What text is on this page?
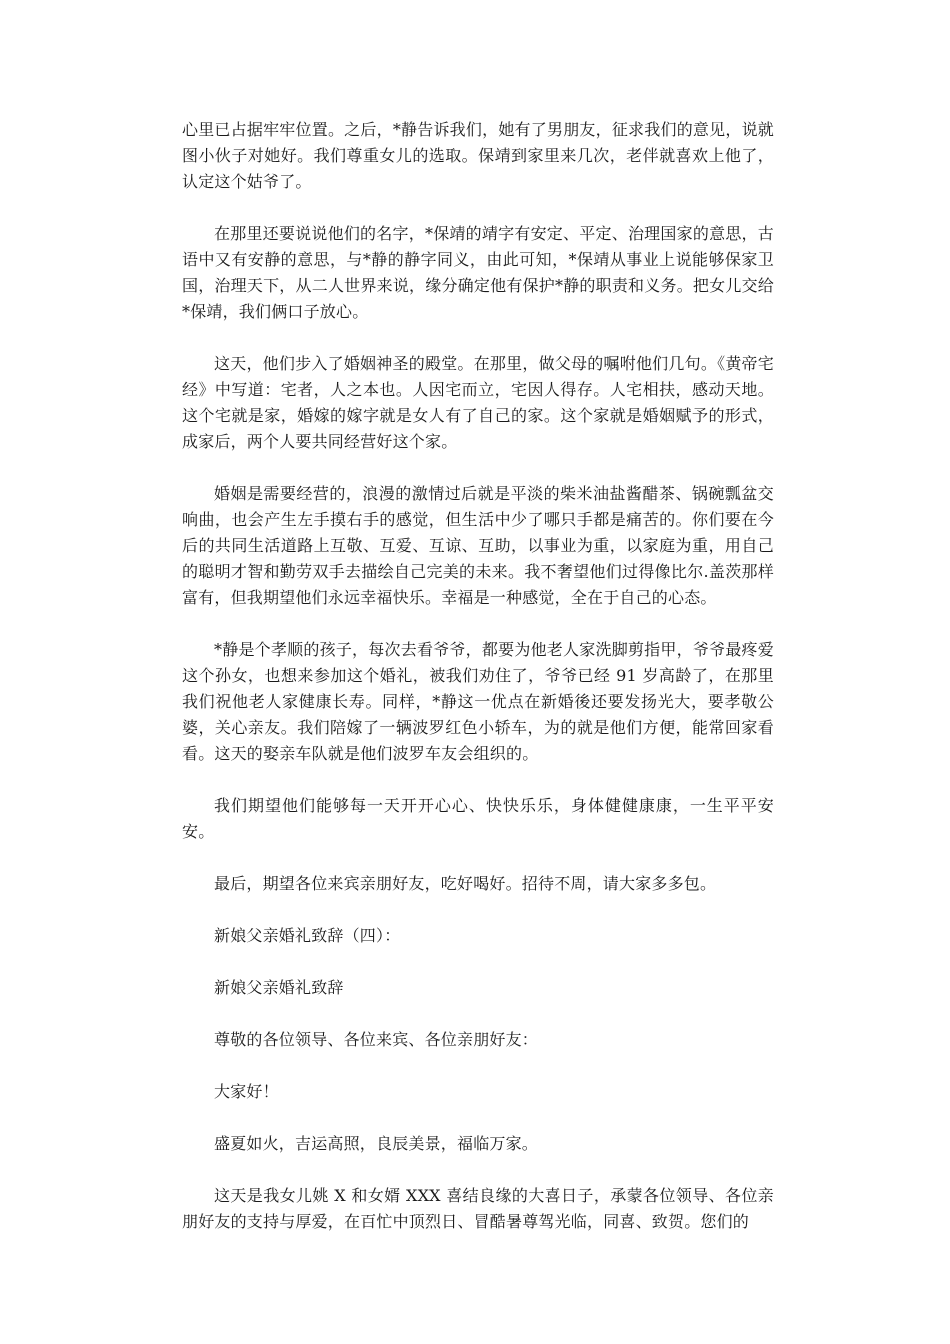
心里已占据牢牢位置。之后，*静告诉我们，她有了男朋友，征求我们的意见，说就图小伙子对她好。我们尊重女儿的选取。保靖到家里来几次，老伴就喜欢上他了，认定这个姑爷了。

在那里还要说说他们的名字，*保靖的靖字有安定、平定、治理国家的意思，古语中又有安静的意思，与*静的静字同义，由此可知，*保靖从事业上说能够保家卫国，治理天下，从二人世界来说，缘分确定他有保护*静的职责和义务。把女儿交给*保靖，我们俩口子放心。

这天，他们步入了婚姻神圣的殿堂。在那里，做父母的嘱咐他们几句。《黄帝宅经》中写道：宅者，人之本也。人因宅而立，宅因人得存。人宅相扶，感动天地。这个宅就是家，婚嫁的嫁字就是女人有了自己的家。这个家就是婚姻赋予的形式，成家后，两个人要共同经营好这个家。

婚姻是需要经营的，浪漫的激情过后就是平淡的柴米油盐酱醋茶、锅碗瓢盆交响曲，也会产生左手摸右手的感觉，但生活中少了哪只手都是痛苦的。你们要在今后的共同生活道路上互敬、互爱、互谅、互助，以事业为重，以家庭为重，用自己的聪明才智和勤劳双手去描绘自己完美的未来。我不奢望他们过得像比尔.盖茨那样富有，但我期望他们永远幸福快乐。幸福是一种感觉，全在于自己的心态。

*静是个孝顺的孩子，每次去看爷爷，都要为他老人家洗脚剪指甲，爷爷最疼爱这个孙女，也想来参加这个婚礼，被我们劝住了，爷爷已经 91 岁高龄了，在那里我们祝他老人家健康长寿。同样，*静这一优点在新婚後还要发扬光大，要孝敬公婆，关心亲友。我们陪嫁了一辆波罗红色小轿车，为的就是他们方便，能常回家看看。这天的娶亲车队就是他们波罗车友会组织的。

我们期望他们能够每一天开开心心、快快乐乐，身体健健康康，一生平平安安。

最后，期望各位来宾亲朋好友，吃好喝好。招待不周，请大家多多包。

新娘父亲婚礼致辞（四）：

新娘父亲婚礼致辞

尊敬的各位领导、各位来宾、各位亲朋好友：

大家好！

盛夏如火，吉运高照，良辰美景，福临万家。

这天是我女儿姚 X 和女婿 XXX 喜结良缘的大喜日子，承蒙各位领导、各位亲朋好友的支持与厚爱，在百忙中顶烈日、冒酷暑尊驾光临，同喜、致贺。您们的
